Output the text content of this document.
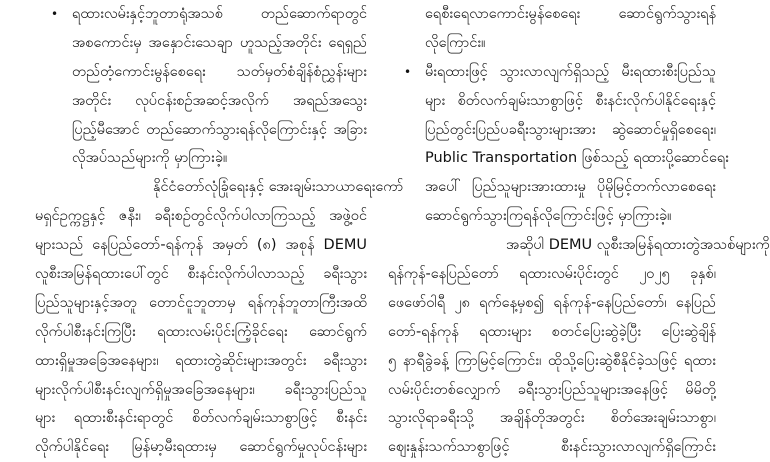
• ရထားလမ်းနှင့်ဘူတာရုံအသစ် တည်ဆောက်ရာတွင်
အစကောင်းမှ အနှောင်းသေချာ ဟူသည့်အတိုင်း ရေရှည်
တည်တံ့ကောင်းမွန်စေရေး သတ်မှတ်စံချိန်စံညွှန်းများ
အတိုင်း လုပ်ငန်းစဉ်အဆင့်အလိုက် အရည်အသွေး
ပြည့်မီအောင် တည်ဆောက်သွားရန်လိုကြောင်းနှင့် အခြား
လိုအပ်သည်များကို မှာကြားခဲ့။
နိုင်ငံတော်လုံခြုံရေးနှင့် အေးချမ်းသာယာရေးကော်
မရှင်ဥက္ကဋ္ဌနှင့် ဇနီး၊ ခရီးစဉ်တွင်လိုက်ပါလာကြသည့် အဖွဲ့ဝင်
များသည် နေပြည်တော်-ရန်ကုန် အမှတ် (၈) အစုန် DEMU
လူစီးအမြန်ရထားပေါ်တွင် စီးနင်းလိုက်ပါလာသည့် ခရီးသွား
ပြည်သူများနှင့်အတူ တောင်ငူဘူတာမှ ရန်ကုန်ဘူတာကြီးအထိ
လိုက်ပါစီးနင်းကြပြီး ရထားလမ်းပိုင်းကြံ့ခိုင်ရေး ဆောင်ရွက်
ထားရှိမှုအခြေအနေများ၊ ရထားတွဲဆိုင်းများအတွင်း ခရီးသွား
များလိုက်ပါစီးနင်းလျက်ရှိမှုအခြေအနေများ၊ ခရီးသွားပြည်သူ
များ ရထားစီးနင်းရာတွင် စိတ်လက်ချမ်းသာစွာဖြင့် စီးနင်း
လိုက်ပါနိုင်ရေး မြန်မာ့မီးရထားမှ ဆောင်ရွက်မှုလုပ်ငန်းများ
ရေစီးရေလာကောင်းမွန်စေရေး ဆောင်ရွက်သွားရန်
လိုကြောင်း။
• မီးရထားဖြင့် သွားလာလျက်ရှိသည့် မီးရထားစီးပြည်သူ
များ စိတ်လက်ချမ်းသာစွာဖြင့် စီးနင်းလိုက်ပါနိုင်ရေးနှင့်
ပြည်တွင်းပြည်ပခရီးသွားများအား ဆွဲဆောင်မှုရှိစေရေး၊
Public Transportation ဖြစ်သည့် ရထားပို့ဆောင်ရေး
အပေါ် ပြည်သူများအားထားမှု ပိုမိုမြင့်တက်လာစေရေး
ဆောင်ရွက်သွားကြရန်လိုကြောင်းဖြင့် မှာကြားခဲ့။
အဆိုပါ DEMU လူစီးအမြန်ရထားတွဲအသစ်များကို
ရန်ကုန်-နေပြည်တော် ရထားလမ်းပိုင်းတွင် ၂၀၂၅ ခုနှစ်၊
ဖေဖော်ဝါရီ ၂၈ ရက်နေ့မှစ၍ ရန်ကုန်-နေပြည်တော်၊ နေပြည်
တော်-ရန်ကုန် ရထားများ စတင်ပြေးဆွဲခဲ့ပြီး ပြေးဆွဲချိန်
၅ နာရီခွဲခန့် ကြာမြင့်ကြောင်း၊ ထိုသို့ပြေးဆွဲစီနိုင်ခဲ့သဖြင့် ရထား
လမ်းပိုင်းတစ်လျှောက် ခရီးသွားပြည်သူများအနေဖြင့် မိမိတို့
သွားလိုရာခရီးသို့ အချိန်တိုအတွင်း စိတ်အေးချမ်းသာစွာ၊
ဈေးနှုန်းသက်သာစွာဖြင့် စီးနင်းသွားလာလျက်ရှိကြောင်း
